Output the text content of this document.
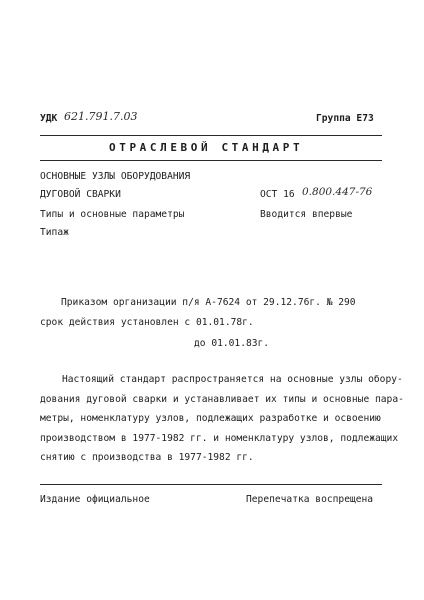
УДК 621.791.7.03	Группа Е73
ОТРАСЛЕВОЙ СТАНДАРТ
ОСНОВНЫЕ УЗЛЫ ОБОРУДОВАНИЯ
ДУГОВОЙ СВАРКИ
Типы и основные параметры
Типаж
ОСТ 16 0.800.447-76
Вводится впервые
Приказом организации п/я А-7624 от 29.12.76г. № 290
срок действия установлен с 01.01.78г.
до 01.01.83г.
Настоящий стандарт распространяется на основные узлы обору-
дования дуговой сварки и устанавливает их типы и основные пара-
метры, номенклатуру узлов, подлежащих разработке и освоению
производством в 1977-1982 гг. и номенклатуру узлов, подлежащих
снятию с производства в 1977-1982 гг.
Издание официальное	Перепечатка воспрещена
